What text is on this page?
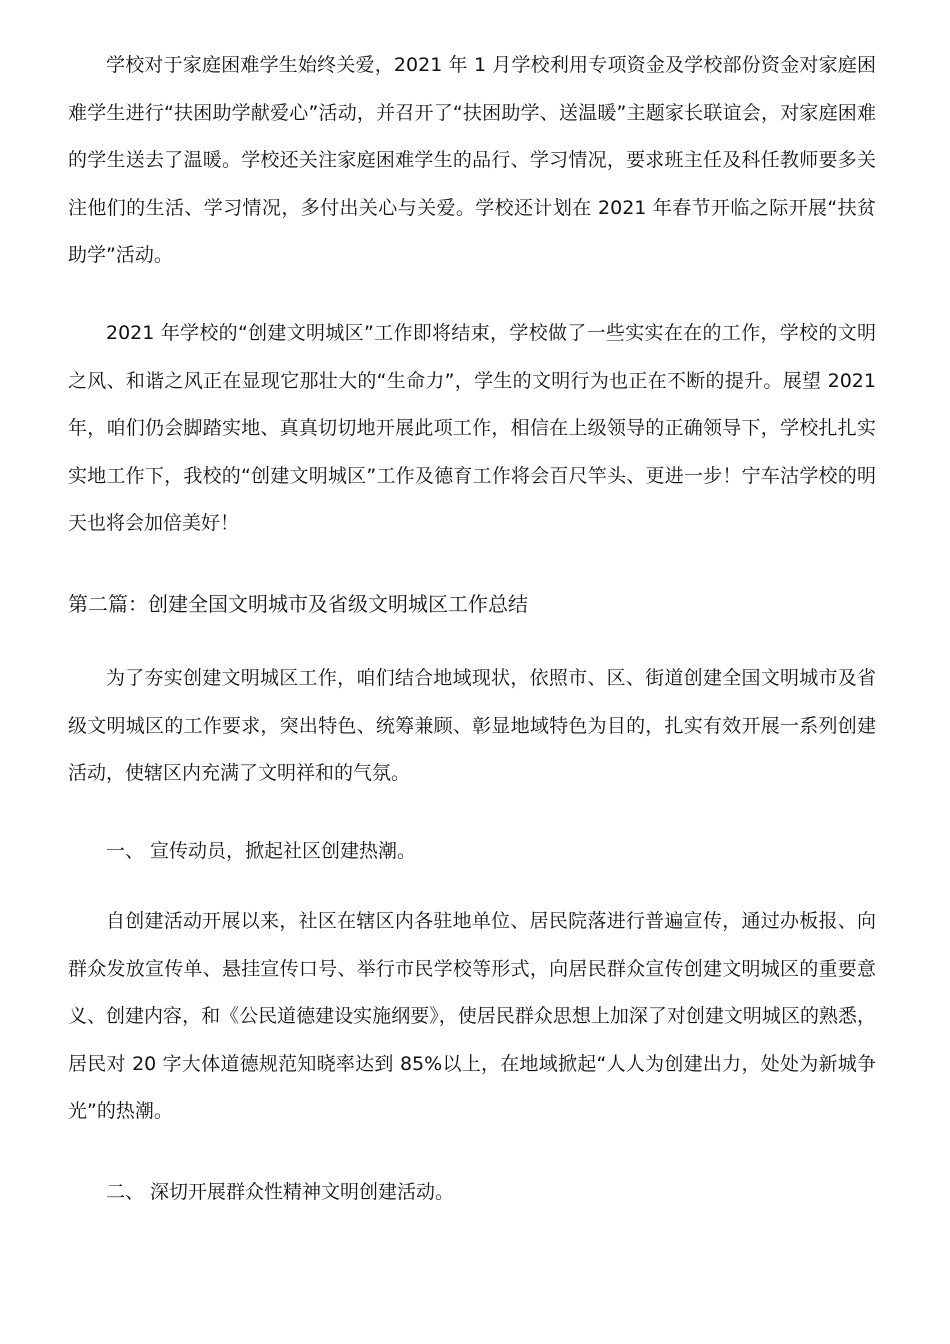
学校对于家庭困难学生始终关爱，2021 年 1 月学校利用专项资金及学校部份资金对家庭困难学生进行“扶困助学献爱心”活动，并召开了“扶困助学、送温暖”主题家长联谊会，对家庭困难的学生送去了温暖。学校还关注家庭困难学生的品行、学习情况，要求班主任及科任教师要多关注他们的生活、学习情况，多付出关心与关爱。学校还计划在 2021 年春节开临之际开展“扶贫助学”活动。

2021 年学校的“创建文明城区”工作即将结束，学校做了一些实实在在的工作，学校的文明之风、和谐之风正在显现它那壮大的“生命力”，学生的文明行为也正在不断的提升。展望 2021 年，咱们仍会脚踏实地、真真切切地开展此项工作，相信在上级领导的正确领导下，学校扎扎实实地工作下，我校的“创建文明城区”工作及德育工作将会百尺竿头、更进一步！宁车沽学校的明天也将会加倍美好！

第二篇：创建全国文明城市及省级文明城区工作总结

为了夯实创建文明城区工作，咱们结合地域现状，依照市、区、街道创建全国文明城市及省级文明城区的工作要求，突出特色、统筹兼顾、彰显地域特色为目的，扎实有效开展一系列创建活动，使辖区内充满了文明祥和的气氛。

一、 宣传动员，掀起社区创建热潮。

自创建活动开展以来，社区在辖区内各驻地单位、居民院落进行普遍宣传，通过办板报、向群众发放宣传单、悬挂宣传口号、举行市民学校等形式，向居民群众宣传创建文明城区的重要意义、创建内容，和《公民道德建设实施纲要》，使居民群众思想上加深了对创建文明城区的熟悉，居民对 20 字大体道德规范知晓率达到 85%以上，在地域掀起“人人为创建出力，处处为新城争光”的热潮。

二、 深切开展群众性精神文明创建活动。
